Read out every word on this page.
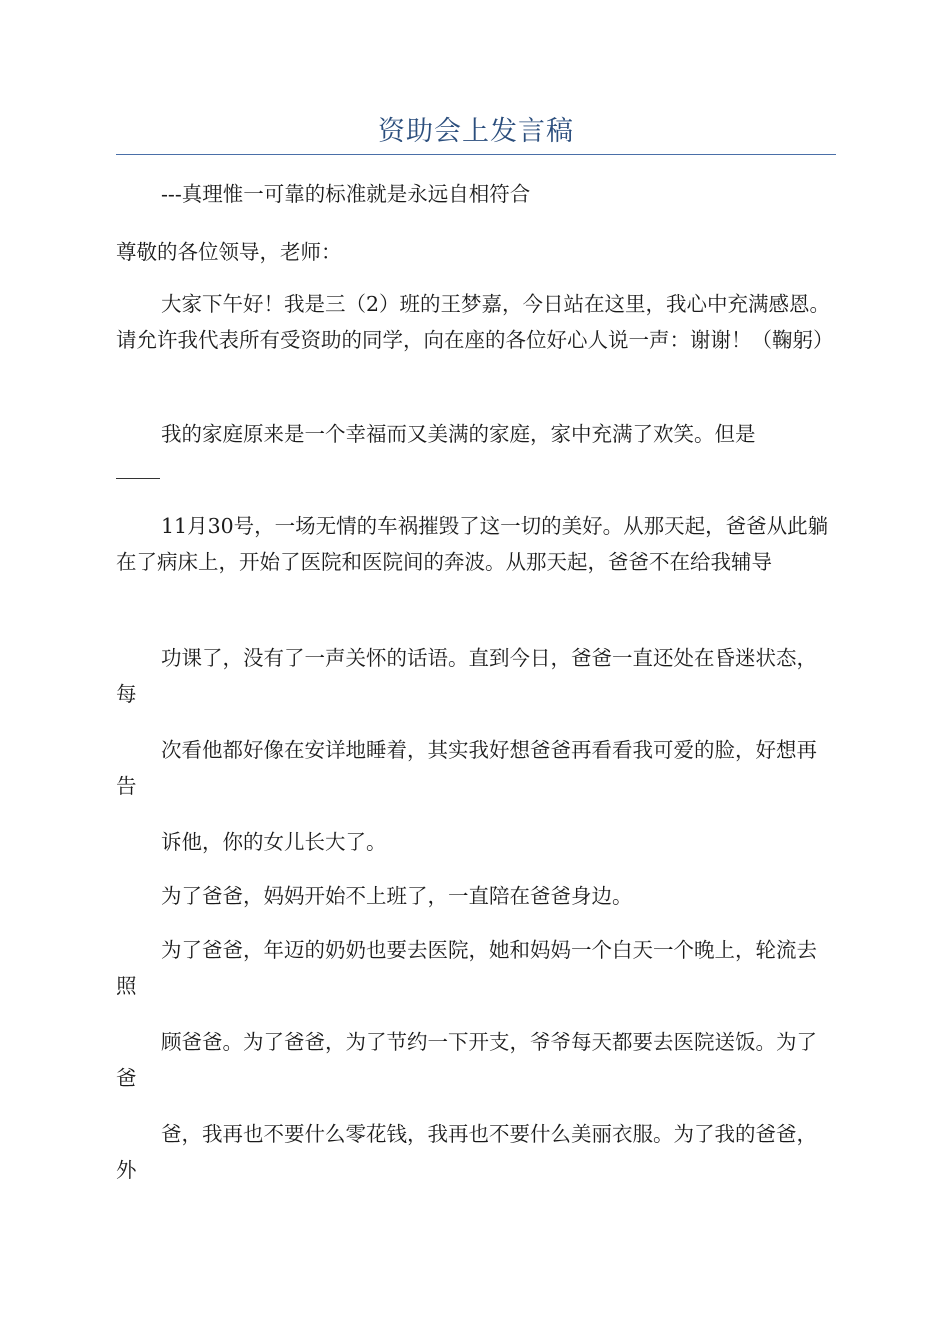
资助会上发言稿

---真理惟一可靠的标准就是永远自相符合

尊敬的各位领导，老师：

大家下午好！我是三（2）班的王梦嘉，今日站在这里，我心中充满感恩。请允许我代表所有受资助的同学，向在座的各位好心人说一声：谢谢！（鞠躬）

我的家庭原来是一个幸福而又美满的家庭，家中充满了欢笑。但是

11月30号，一场无情的车祸摧毁了这一切的美好。从那天起，爸爸从此躺在了病床上，开始了医院和医院间的奔波。从那天起，爸爸不在给我辅导

功课了，没有了一声关怀的话语。直到今日，爸爸一直还处在昏迷状态，每

次看他都好像在安详地睡着，其实我好想爸爸再看看我可爱的脸，好想再告

诉他，你的女儿长大了。

为了爸爸，妈妈开始不上班了，一直陪在爸爸身边。

为了爸爸，年迈的奶奶也要去医院，她和妈妈一个白天一个晚上，轮流去照

顾爸爸。为了爸爸，为了节约一下开支，爷爷每天都要去医院送饭。为了爸

爸，我再也不要什么零花钱，我再也不要什么美丽衣服。为了我的爸爸，外
